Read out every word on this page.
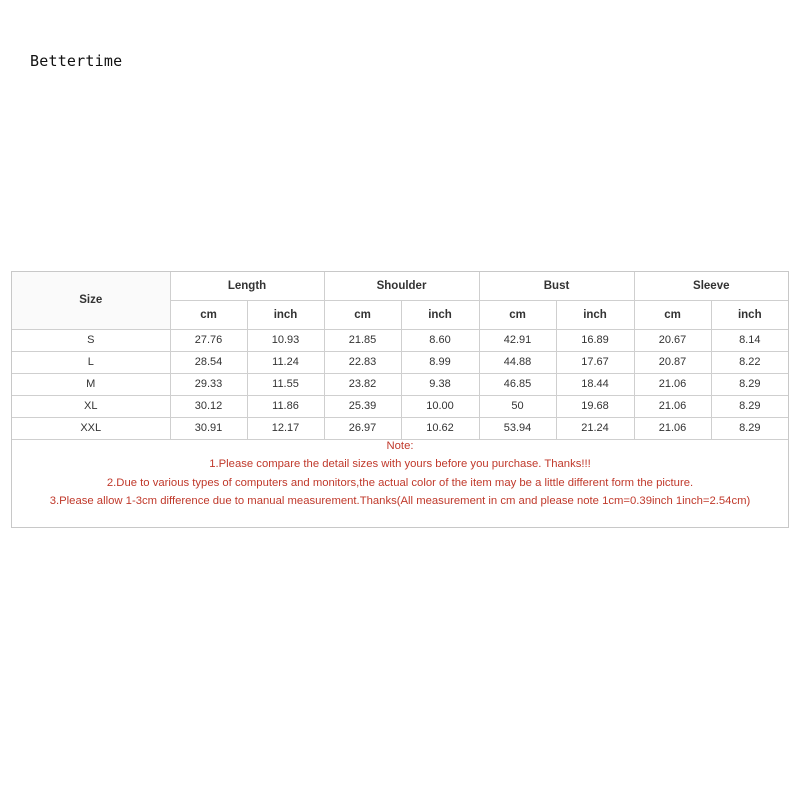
Bettertime
Size	Length		Shoulder		Bust		Sleeve	
	cm	inch	cm	inch	cm	inch	cm	inch
S	27.76	10.93	21.85	8.60	42.91	16.89	20.67	8.14
L	28.54	11.24	22.83	8.99	44.88	17.67	20.87	8.22
M	29.33	11.55	23.82	9.38	46.85	18.44	21.06	8.29
XL	30.12	11.86	25.39	10.00	50	19.68	21.06	8.29
XXL	30.91	12.17	26.97	10.62	53.94	21.24	21.06	8.29
Note:
1.Please compare the detail sizes with yours before you purchase. Thanks!!!
2.Due to various types of computers and monitors,the actual color of the item may be a little different form the picture.
3.Please allow 1-3cm difference due to manual measurement.Thanks(All measurement in cm and please note 1cm=0.39inch 1inch=2.54cm)
